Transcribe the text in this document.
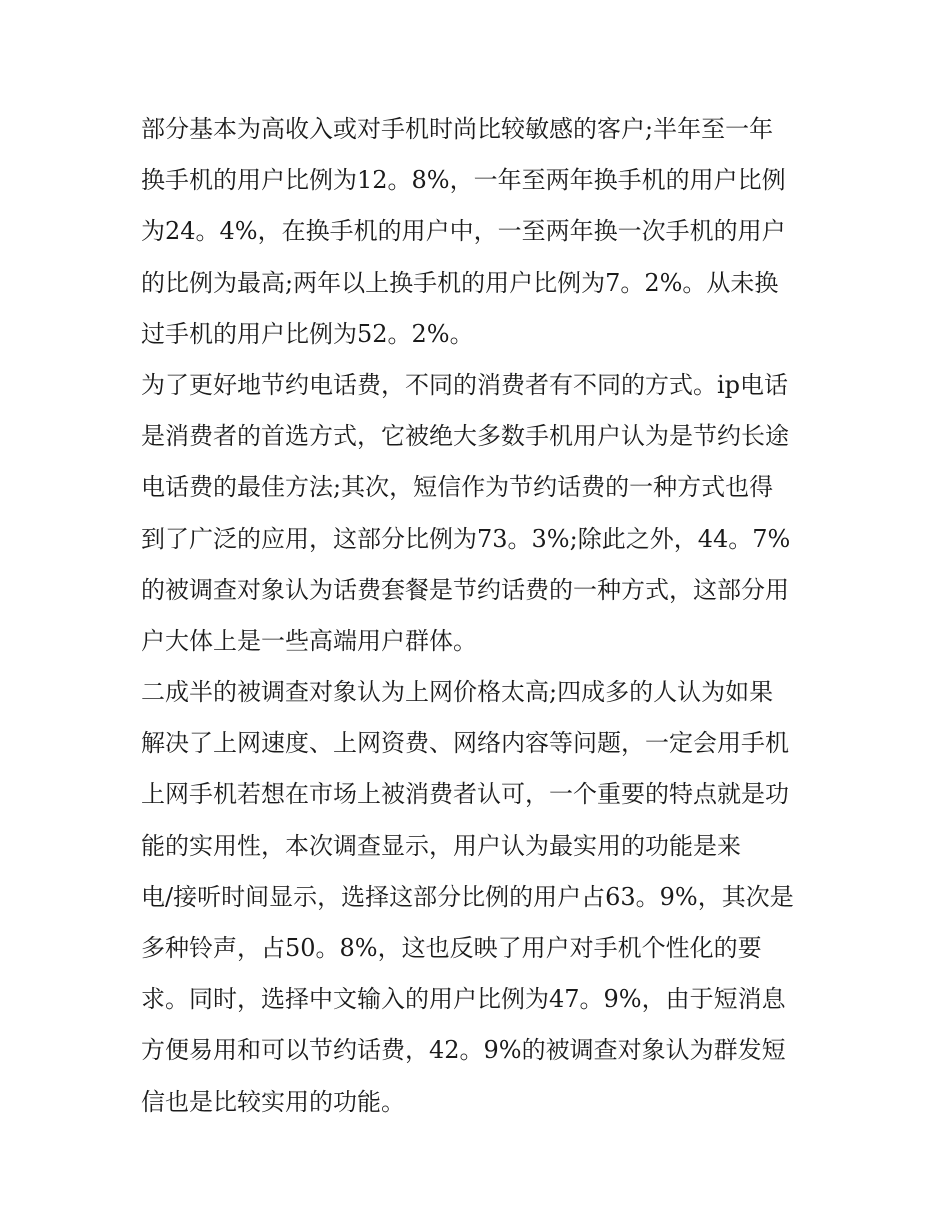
部分基本为高收入或对手机时尚比较敏感的客户;半年至一年
换手机的用户比例为12。8%，一年至两年换手机的用户比例
为24。4%，在换手机的用户中，一至两年换一次手机的用户
的比例为最高;两年以上换手机的用户比例为7。2%。从未换
过手机的用户比例为52。2%。
为了更好地节约电话费，不同的消费者有不同的方式。ip电话
是消费者的首选方式，它被绝大多数手机用户认为是节约长途
电话费的最佳方法;其次，短信作为节约话费的一种方式也得
到了广泛的应用，这部分比例为73。3%;除此之外，44。7%
的被调查对象认为话费套餐是节约话费的一种方式，这部分用
户大体上是一些高端用户群体。
二成半的被调查对象认为上网价格太高;四成多的人认为如果
解决了上网速度、上网资费、网络内容等问题，一定会用手机
上网手机若想在市场上被消费者认可，一个重要的特点就是功
能的实用性，本次调查显示，用户认为最实用的功能是来
电/接听时间显示，选择这部分比例的用户占63。9%，其次是
多种铃声，占50。8%，这也反映了用户对手机个性化的要
求。同时，选择中文输入的用户比例为47。9%，由于短消息
方便易用和可以节约话费，42。9%的被调查对象认为群发短
信也是比较实用的功能。
